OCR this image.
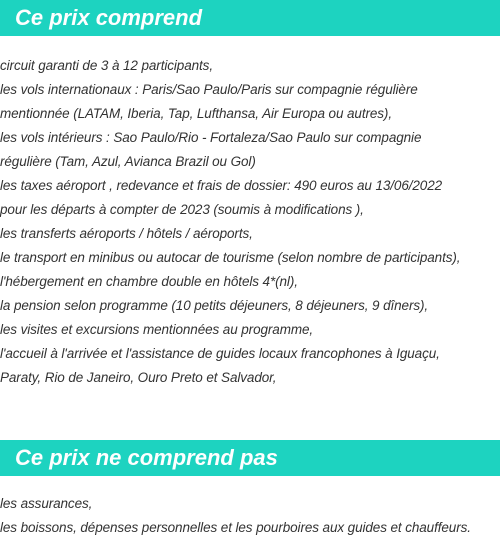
Ce prix comprend
circuit garanti de 3 à 12 participants,
les vols internationaux : Paris/Sao Paulo/Paris sur compagnie régulière
mentionnée (LATAM, Iberia, Tap, Lufthansa, Air Europa ou autres),
les vols intérieurs : Sao Paulo/Rio - Fortaleza/Sao Paulo sur compagnie
régulière (Tam, Azul, Avianca Brazil ou Gol)
les taxes aéroport , redevance et frais de dossier: 490 euros au 13/06/2022
pour les départs à compter de 2023 (soumis à modifications ),
les transferts aéroports / hôtels / aéroports,
le transport en minibus ou autocar de tourisme (selon nombre de participants),
l'hébergement en chambre double en hôtels 4*(nl),
la pension selon programme (10 petits déjeuners, 8 déjeuners, 9 dîners),
les visites et excursions mentionnées au programme,
l'accueil à l'arrivée et l'assistance de guides locaux francophones à Iguaçu,
Paraty, Rio de Janeiro, Ouro Preto et Salvador,
Ce prix ne comprend pas
les assurances,
les boissons, dépenses personnelles et les pourboires aux guides et chauffeurs.
